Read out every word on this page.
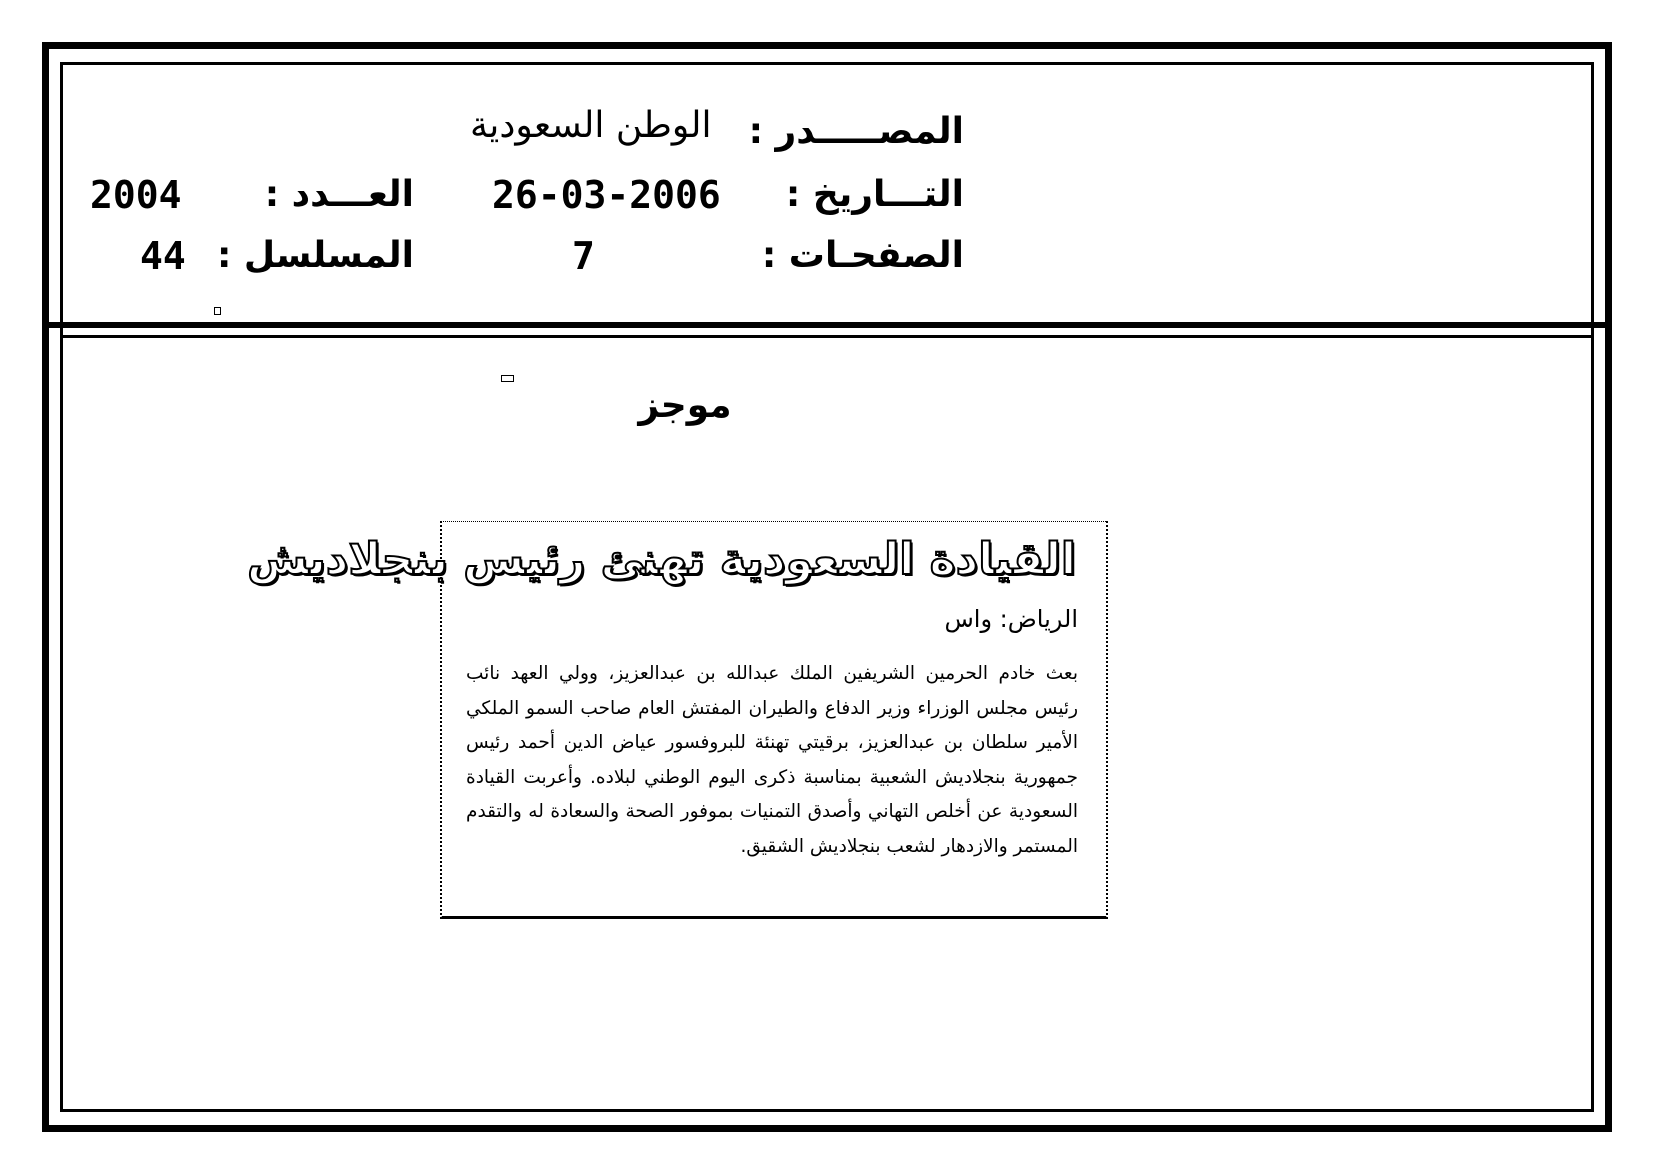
المصـــــدر :
الوطن السعودية
التـــاريخ :
26-03-2006
العـــدد :
2004
الصفحـات :
7
المسلسل :
44
موجز
القيادة السعودية تهنئ رئيس بنجلاديش
الرياض: واس
بعث خادم الحرمين الشريفين الملك عبدالله بن عبدالعزيز، وولي العهد نائب رئيس مجلس الوزراء وزير الدفاع والطيران المفتش العام صاحب السمو الملكي الأمير سلطان بن عبدالعزيز، برقيتي تهنئة للبروفسور عياض الدين أحمد رئيس جمهورية بنجلاديش الشعبية بمناسبة ذكرى اليوم الوطني لبلاده. وأعربت القيادة السعودية عن أخلص التهاني وأصدق التمنيات بموفور الصحة والسعادة له والتقدم المستمر والازدهار لشعب بنجلاديش الشقيق.
